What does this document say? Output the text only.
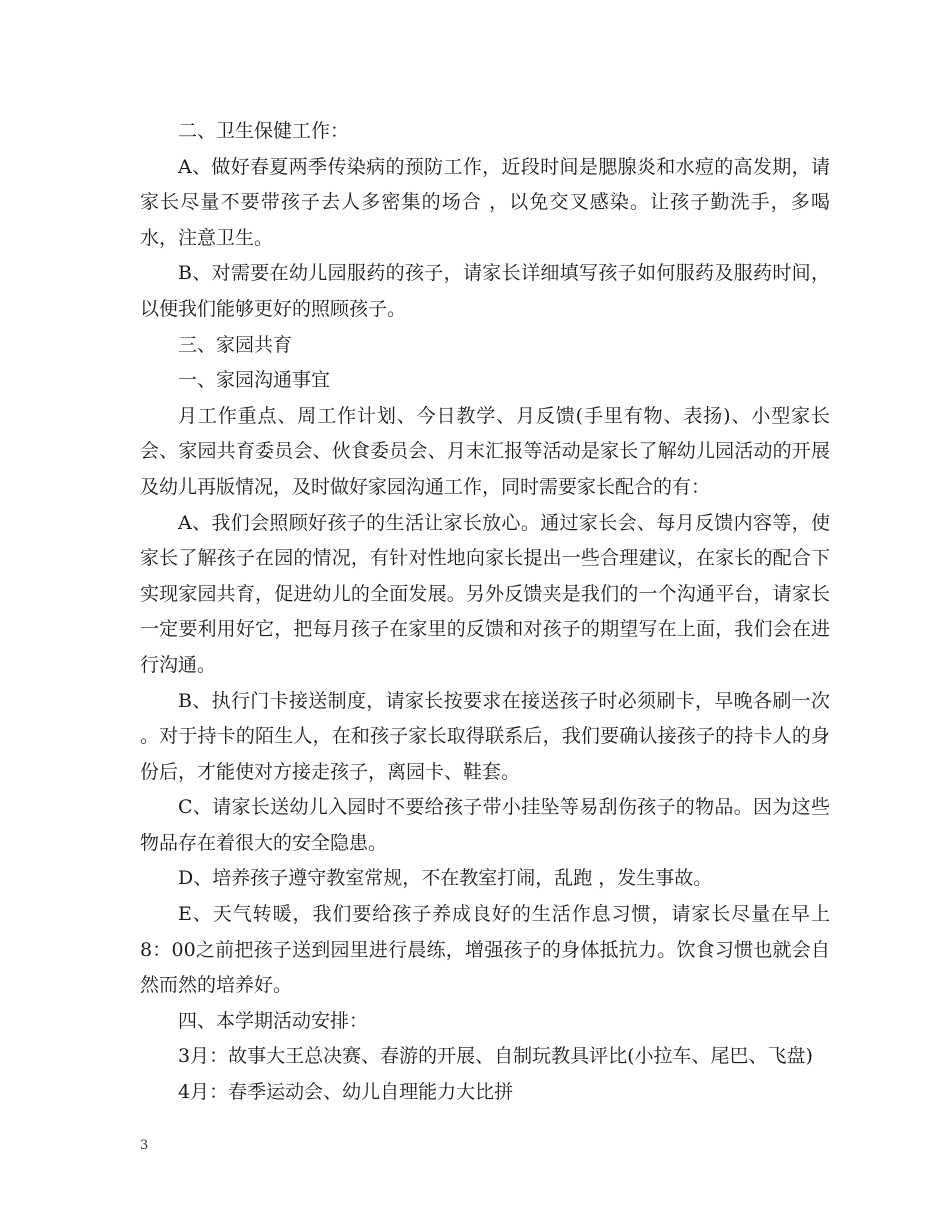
二、卫生保健工作：

A、做好春夏两季传染病的预防工作，近段时间是腮腺炎和水痘的高发期，请家长尽量不要带孩子去人多密集的场合 ，以免交叉感染。让孩子勤洗手，多喝水，注意卫生。

B、对需要在幼儿园服药的孩子，请家长详细填写孩子如何服药及服药时间，以便我们能够更好的照顾孩子。

三、家园共育

一、家园沟通事宜

月工作重点、周工作计划、今日教学、月反馈(手里有物、表扬)、小型家长会、家园共育委员会、伙食委员会、月末汇报等活动是家长了解幼儿园活动的开展及幼儿再版情况，及时做好家园沟通工作，同时需要家长配合的有：

A、我们会照顾好孩子的生活让家长放心。通过家长会、每月反馈内容等，使家长了解孩子在园的情况，有针对性地向家长提出一些合理建议，在家长的配合下实现家园共育，促进幼儿的全面发展。另外反馈夹是我们的一个沟通平台，请家长一定要利用好它，把每月孩子在家里的反馈和对孩子的期望写在上面，我们会在进行沟通。

B、执行门卡接送制度，请家长按要求在接送孩子时必须刷卡，早晚各刷一次 。对于持卡的陌生人，在和孩子家长取得联系后，我们要确认接孩子的持卡人的身份后，才能使对方接走孩子，离园卡、鞋套。

C、请家长送幼儿入园时不要给孩子带小挂坠等易刮伤孩子的物品。因为这些物品存在着很大的安全隐患。

D、培养孩子遵守教室常规，不在教室打闹，乱跑 ，发生事故。

E、天气转暖，我们要给孩子养成良好的生活作息习惯，请家长尽量在早上8：00之前把孩子送到园里进行晨练，增强孩子的身体抵抗力。饮食习惯也就会自然而然的培养好。

四、本学期活动安排：

3月：故事大王总决赛、春游的开展、自制玩教具评比(小拉车、尾巴、飞盘)

4月：春季运动会、幼儿自理能力大比拼

3
